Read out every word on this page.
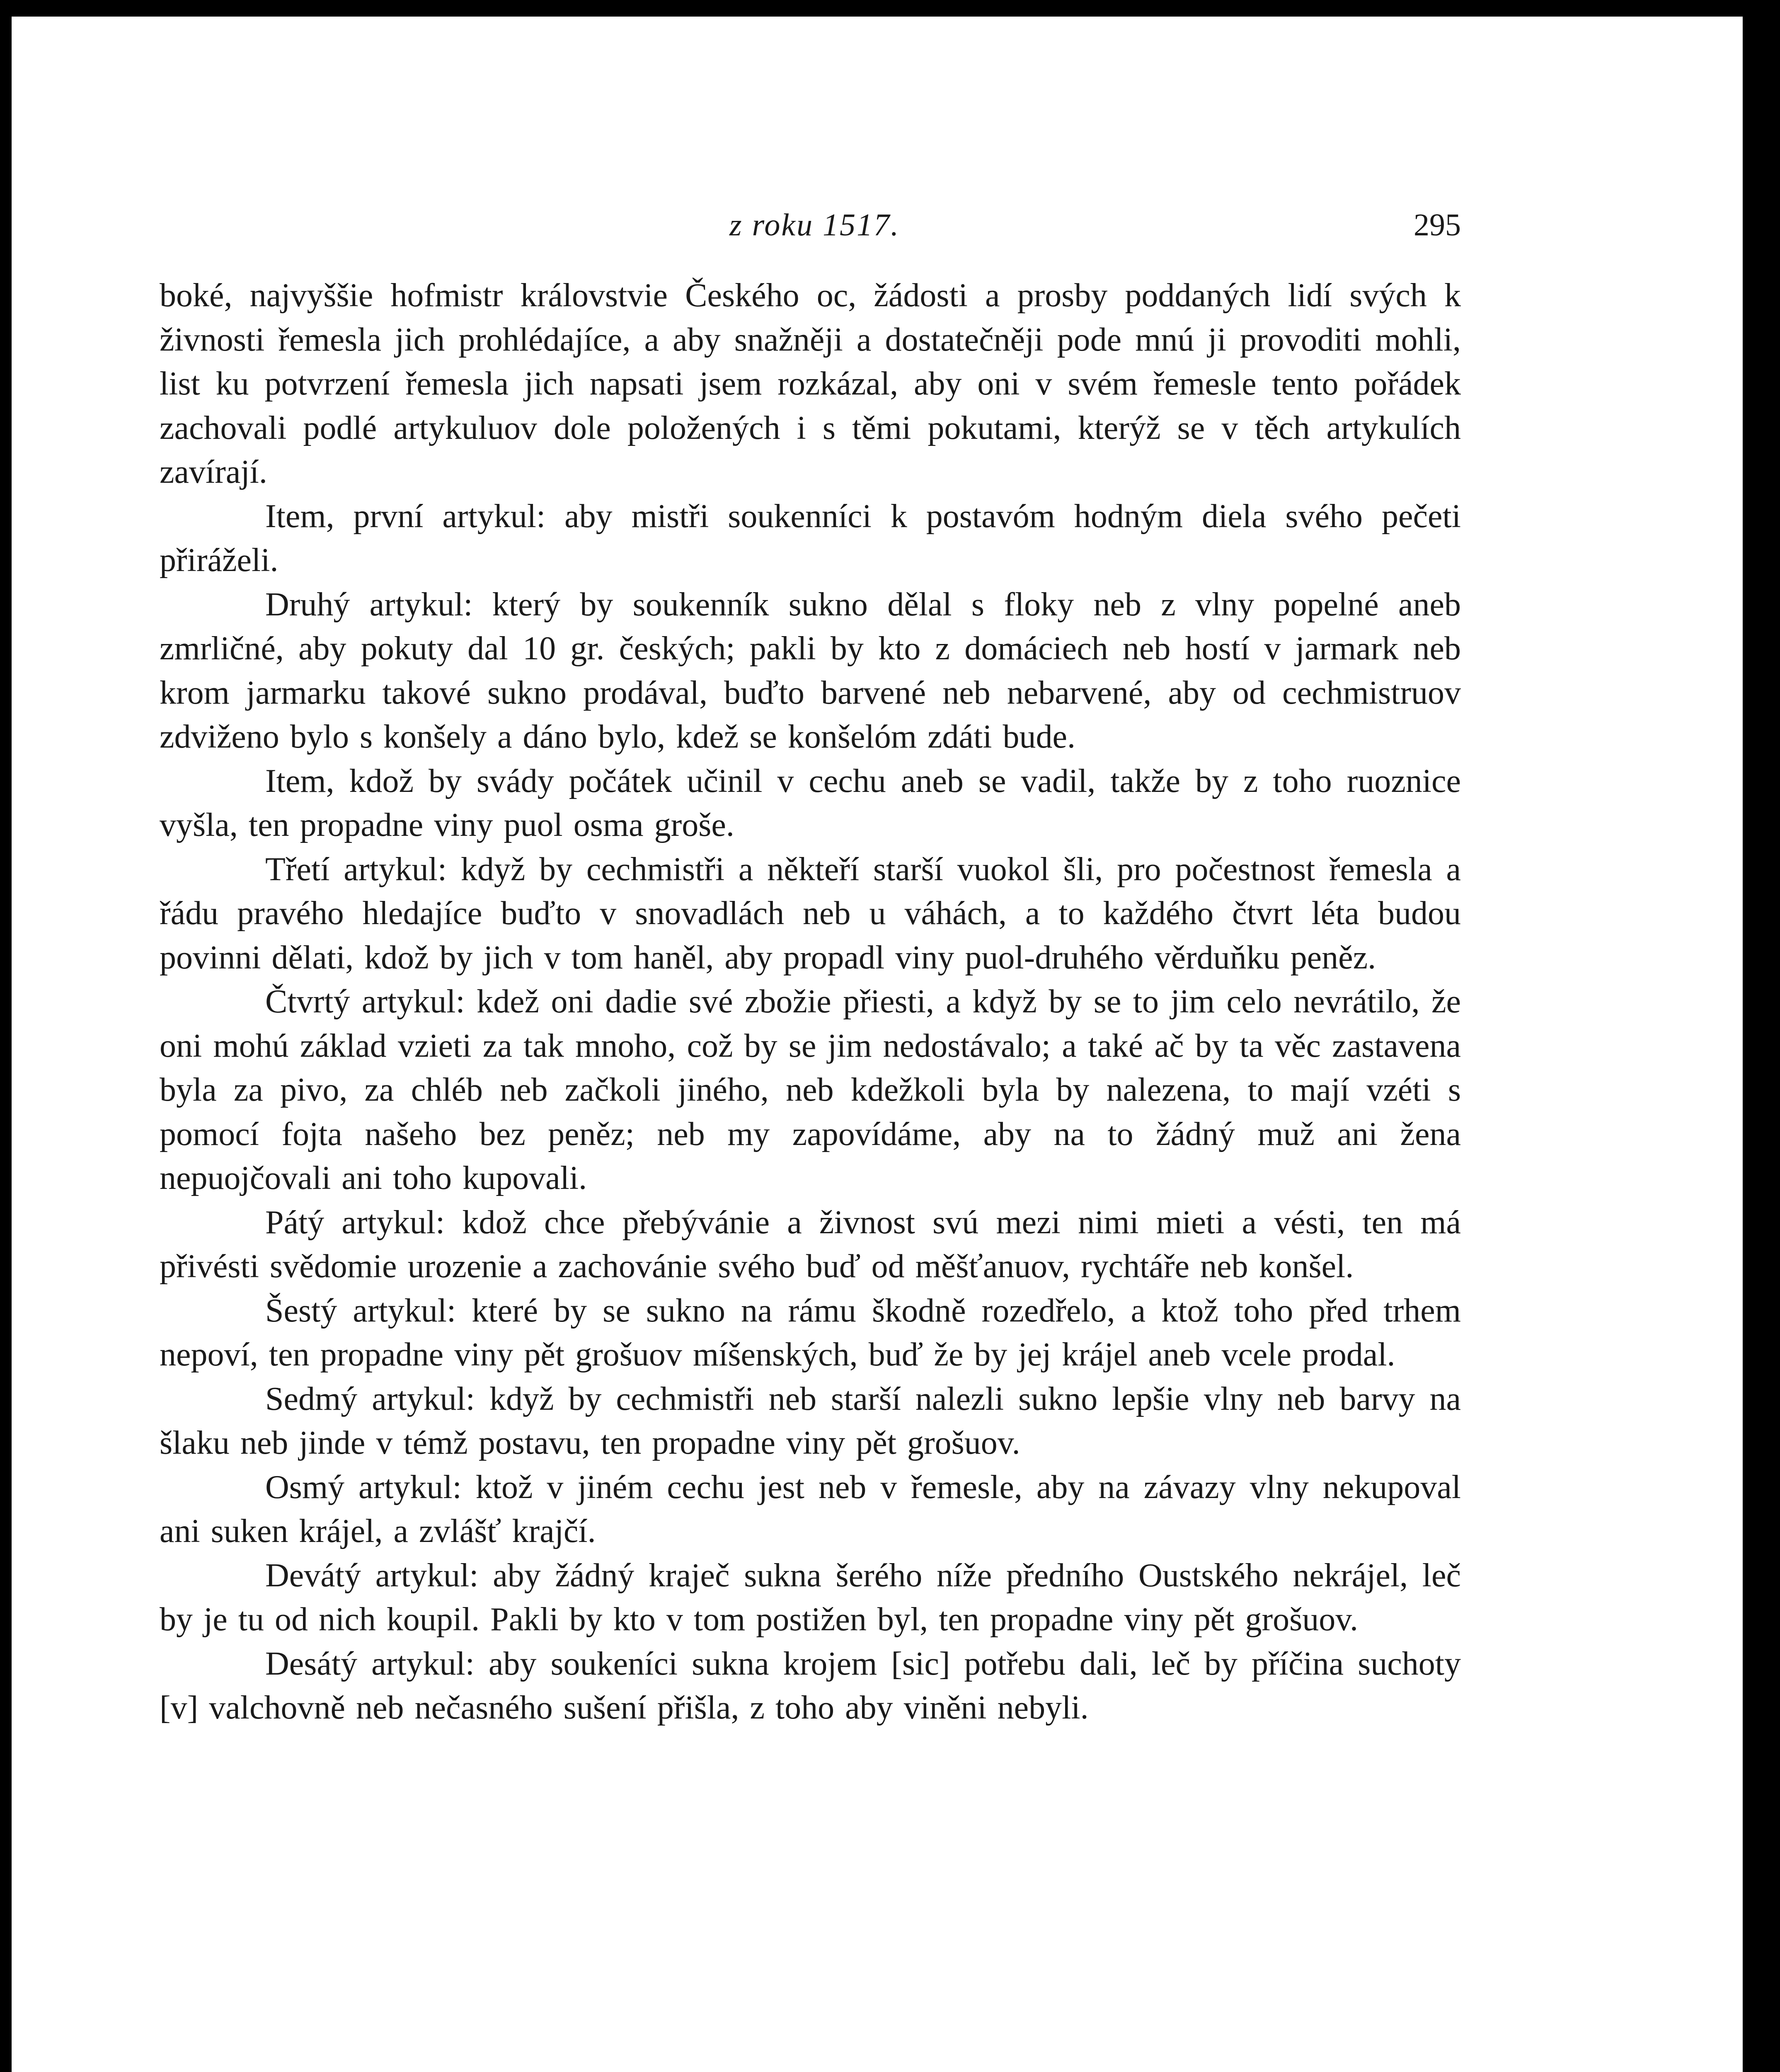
z roku 1517.	295

boké, najvyššie hofmistr královstvie Českého oc, žádosti a prosby poddaných lidí svých k živnosti řemesla jich prohlédajíce, a aby snažněji a dostatečněji pode mnú ji provoditi mohli, list ku potvrzení řemesla jich napsati jsem rozkázal, aby oni v svém řemesle tento pořádek zachovali podlé artykuluov dole položených i s těmi pokutami, kterýž se v těch artykulích zavírají.

Item, první artykul: aby mistři soukenníci k postavóm hodným diela svého pečeti přiráželi.

Druhý artykul: který by soukenník sukno dělal s floky neb z vlny popelné aneb zmrličné, aby pokuty dal 10 gr. českých; pakli by kto z domáciech neb hostí v jarmark neb krom jarmarku takové sukno prodával, buďto barvené neb nebarvené, aby od cechmistruov zdviženo bylo s konšely a dáno bylo, kdež se konšelóm zdáti bude.

Item, kdož by svády počátek učinil v cechu aneb se vadil, takže by z toho ruoznice vyšla, ten propadne viny puol osma groše.

Třetí artykul: když by cechmistři a někteří starší vuokol šli, pro počestnost řemesla a řádu pravého hledajíce buďto v snovadlách neb u váhách, a to každého čtvrt léta budou povinni dělati, kdož by jich v tom haněl, aby propadl viny puol-druhého věrduňku peněz.

Čtvrtý artykul: kdež oni dadie své zbožie přiesti, a když by se to jim celo nevrátilo, že oni mohú základ vzieti za tak mnoho, což by se jim nedostávalo; a také ač by ta věc zastavena byla za pivo, za chléb neb začkoli jiného, neb kdežkoli byla by nalezena, to mají vzéti s pomocí fojta našeho bez peněz; neb my zapovídáme, aby na to žádný muž ani žena nepuojčovali ani toho kupovali.

Pátý artykul: kdož chce přebývánie a živnost svú mezi nimi mieti a vésti, ten má přivésti svědomie urozenie a zachovánie svého buď od měšťanuov, rychtáře neb konšel.

Šestý artykul: které by se sukno na rámu škodně rozedřelo, a ktož toho před trhem nepoví, ten propadne viny pět grošuov míšenských, buď že by jej krájel aneb vcele prodal.

Sedmý artykul: když by cechmistři neb starší nalezli sukno lepšie vlny neb barvy na šlaku neb jinde v témž postavu, ten propadne viny pět grošuov.

Osmý artykul: ktož v jiném cechu jest neb v řemesle, aby na závazy vlny nekupoval ani suken krájel, a zvlášť krajčí.

Devátý artykul: aby žádný kraječ sukna šerého níže předního Oustského nekrájel, leč by je tu od nich koupil. Pakli by kto v tom postižen byl, ten propadne viny pět grošuov.

Desátý artykul: aby soukeníci sukna krojem [sic] potřebu dali, leč by příčina suchoty [v] valchovně neb nečasného sušení přišla, z toho aby viněni nebyli.
